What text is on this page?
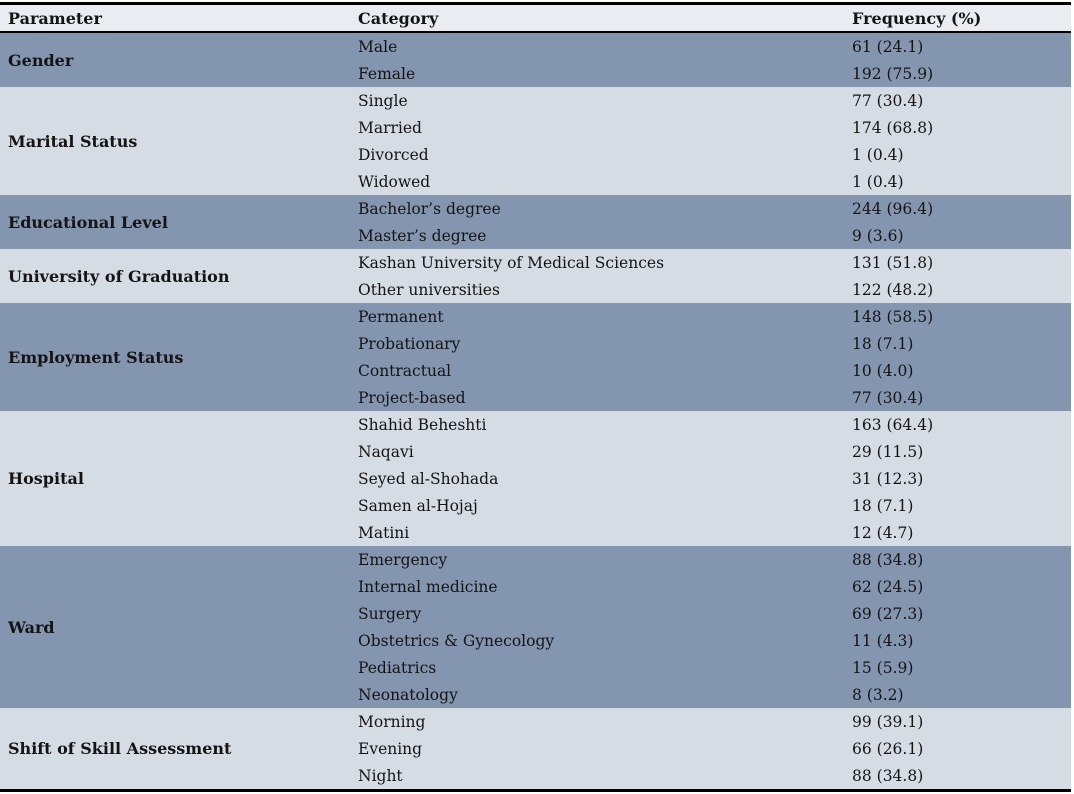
Parameter	Category	Frequency (%)
Gender	Male	61 (24.1)
	Female	192 (75.9)
Marital Status	Single	77 (30.4)
	Married	174 (68.8)
	Divorced	1 (0.4)
	Widowed	1 (0.4)
Educational Level	Bachelor’s degree	244 (96.4)
	Master’s degree	9 (3.6)
University of Graduation	Kashan University of Medical Sciences	131 (51.8)
	Other universities	122 (48.2)
Employment Status	Permanent	148 (58.5)
	Probationary	18 (7.1)
	Contractual	10 (4.0)
	Project-based	77 (30.4)
Hospital	Shahid Beheshti	163 (64.4)
	Naqavi	29 (11.5)
	Seyed al-Shohada	31 (12.3)
	Samen al-Hojaj	18 (7.1)
	Matini	12 (4.7)
Ward	Emergency	88 (34.8)
	Internal medicine	62 (24.5)
	Surgery	69 (27.3)
	Obstetrics & Gynecology	11 (4.3)
	Pediatrics	15 (5.9)
	Neonatology	8 (3.2)
Shift of Skill Assessment	Morning	99 (39.1)
	Evening	66 (26.1)
	Night	88 (34.8)
